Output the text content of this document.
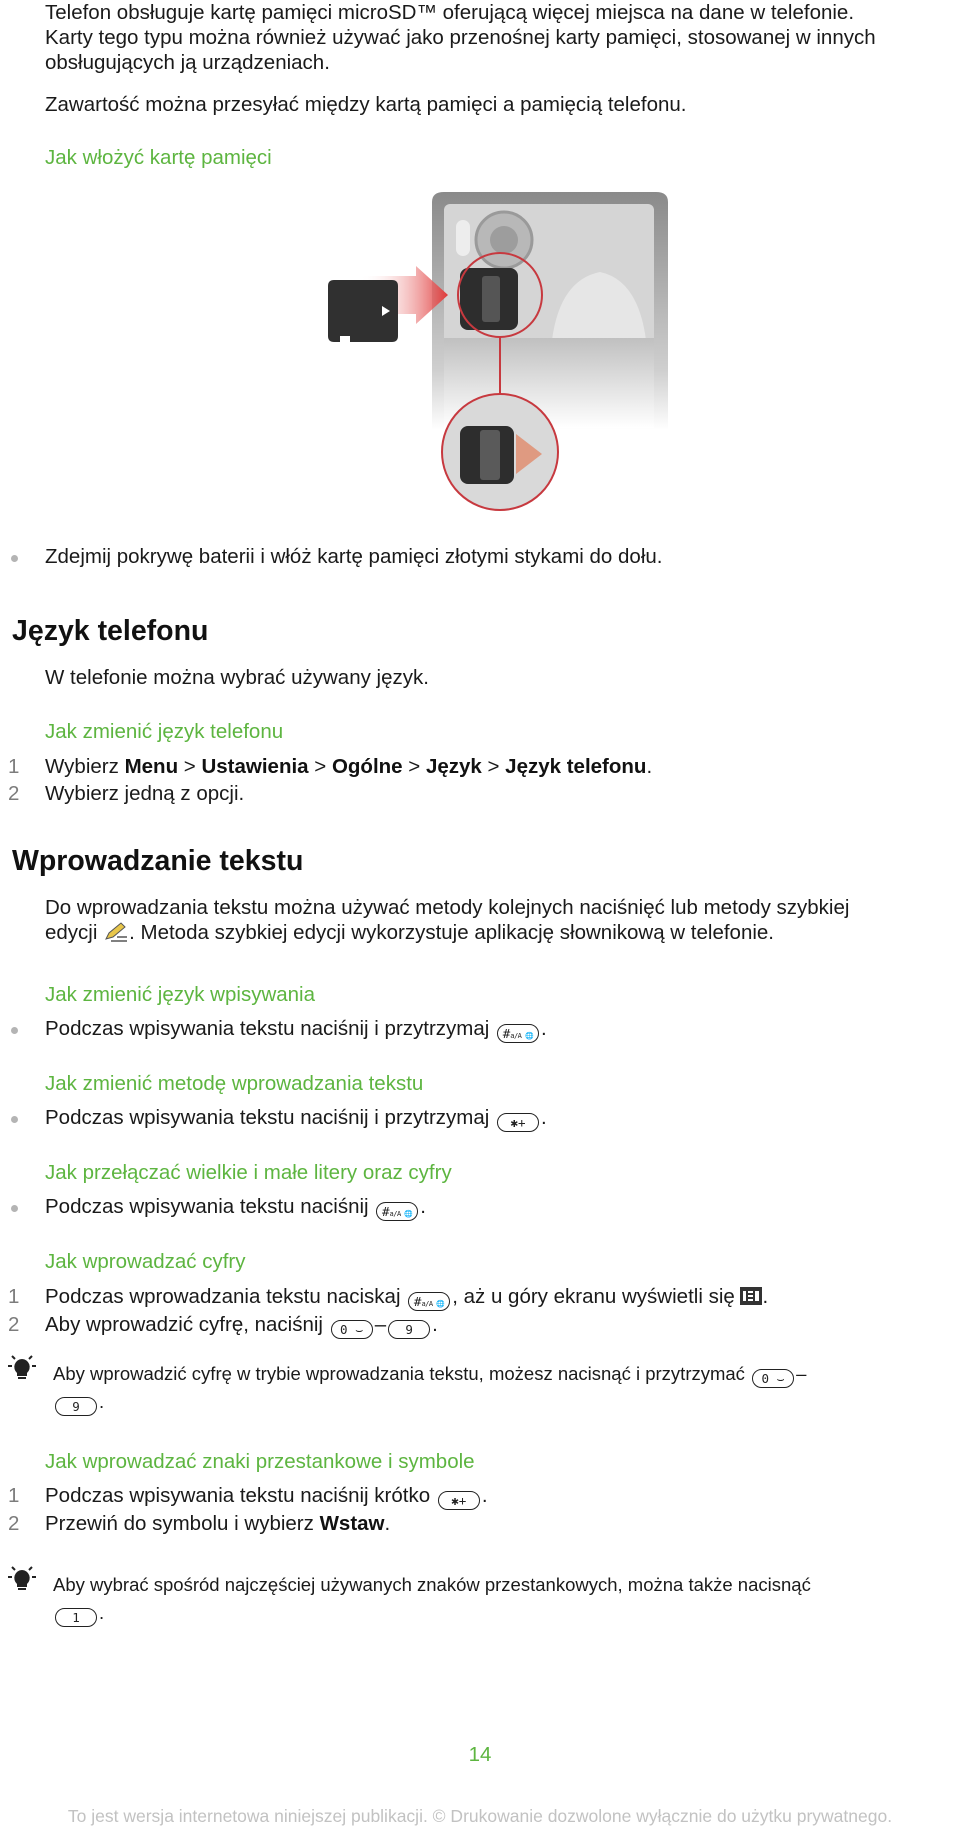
Telefon obsługuje kartę pamięci microSD™ oferującą więcej miejsca na dane w telefonie.
Karty tego typu można również używać jako przenośnej karty pamięci, stosowanej w innych
obsługujących ją urządzeniach.
Zawartość można przesyłać między kartą pamięci a pamięcią telefonu.
Jak włożyć kartę pamięci
Zdejmij pokrywę baterii i włóż kartę pamięci złotymi stykami do dołu.
Język telefonu
W telefonie można wybrać używany język.
Jak zmienić język telefonu
1 Wybierz Menu > Ustawienia > Ogólne > Język > Język telefonu.
2 Wybierz jedną z opcji.
Wprowadzanie tekstu
Do wprowadzania tekstu można używać metody kolejnych naciśnięć lub metody szybkiej
edycji . Metoda szybkiej edycji wykorzystuje aplikację słownikową w telefonie.
Jak zmienić język wpisywania
Podczas wpisywania tekstu naciśnij i przytrzymaj #a/A 🌐 .
Jak zmienić metodę wprowadzania tekstu
Podczas wpisywania tekstu naciśnij i przytrzymaj ✱+ .
Jak przełączać wielkie i małe litery oraz cyfry
Podczas wpisywania tekstu naciśnij #a/A 🌐 .
Jak wprowadzać cyfry
1 Podczas wprowadzania tekstu naciskaj #a/A 🌐 , aż u góry ekranu wyświetli się .
2 Aby wprowadzić cyfrę, naciśnij 0 ⌣ – 9 .
Aby wprowadzić cyfrę w trybie wprowadzania tekstu, możesz nacisnąć i przytrzymać 0 ⌣ –
9 .
Jak wprowadzać znaki przestankowe i symbole
1 Podczas wpisywania tekstu naciśnij krótko ✱+ .
2 Przewiń do symbolu i wybierz Wstaw.
Aby wybrać spośród najczęściej używanych znaków przestankowych, można także nacisnąć
1 .
14
To jest wersja internetowa niniejszej publikacji. © Drukowanie dozwolone wyłącznie do użytku prywatnego.
